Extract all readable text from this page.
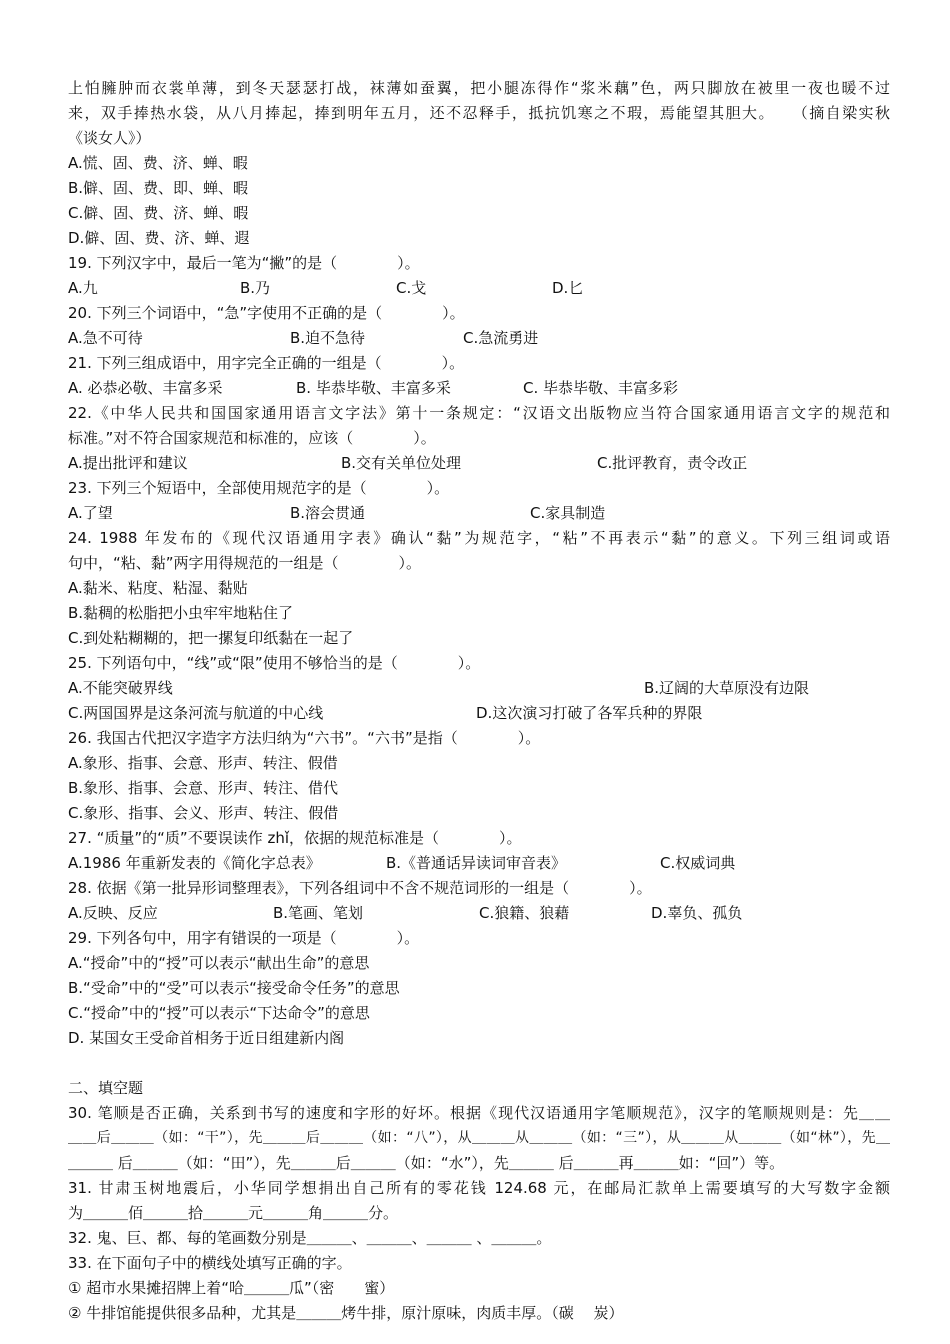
上怕臃肿而衣裳单薄，到冬天瑟瑟打战，袜薄如蚕翼，把小腿冻得作“浆米藕”色，两只脚放在被里一夜也暖不过
来，双手捧热水袋，从八月捧起，捧到明年五月，还不忍释手，抵抗饥寒之不瑕，焉能望其胆大。　　（摘自梁实秋
《谈女人》）
A.慌、固、费、济、蝉、暇
B.僻、固、费、即、蝉、暇
C.僻、固、费、济、蝉、暇
D.僻、固、费、济、蝉、遐
19. 下列汉字中，最后一笔为“撇”的是（　　　　）。
A.九	B.乃	C.戈	D.匕
20. 下列三个词语中，“急”字使用不正确的是（　　　　）。
A.急不可待	B.迫不急待	C.急流勇进
21. 下列三组成语中，用字完全正确的一组是（　　　　）。
A. 必恭必敬、丰富多采	B. 毕恭毕敬、丰富多采	C. 毕恭毕敬、丰富多彩
22.《中华人民共和国国家通用语言文字法》第十一条规定：“汉语文出版物应当符合国家通用语言文字的规范和
标准。”对不符合国家规范和标准的，应该（　　　　）。
A.提出批评和建议	B.交有关单位处理	C.批评教育，责令改正
23. 下列三个短语中，全部使用规范字的是（　　　　）。
A.了望	B.溶会贯通	C.家具制造
24. 1988 年发布的《现代汉语通用字表》确认“黏”为规范字，“粘”不再表示“黏”的意义。下列三组词或语
句中，“粘、黏”两字用得规范的一组是（　　　　）。
A.黏米、粘度、粘湿、黏贴
B.黏稠的松脂把小虫牢牢地粘住了
C.到处粘糊糊的，把一摞复印纸黏在一起了
25. 下列语句中，“线”或“限”使用不够恰当的是（　　　　）。
A.不能突破界线	B.辽阔的大草原没有边限
C.两国国界是这条河流与航道的中心线	D.这次演习打破了各军兵种的界限
26. 我国古代把汉字造字方法归纳为“六书”。“六书”是指（　　　　）。
A.象形、指事、会意、形声、转注、假借
B.象形、指事、会意、形声、转注、借代
C.象形、指事、会义、形声、转注、假借
27. “质量”的“质”不要误读作 zhǐ，依据的规范标准是（　　　　）。
A.1986 年重新发表的《简化字总表》	B.《普通话异读词审音表》	C.权威词典
28. 依据《第一批异形词整理表》，下列各组词中不含不规范词形的一组是（　　　　）。
A.反映、反应	B.笔画、笔划	C.狼籍、狼藉	D.辜负、孤负
29. 下列各句中，用字有错误的一项是（　　　　）。
A.“授命”中的“授”可以表示“献出生命”的意思
B.“受命”中的“受”可以表示“接受命令任务”的意思
C.“授命”中的“授”可以表示“下达命令”的意思
D. 某国女王受命首相务于近日组建新内阁
二、填空题
30. 笔顺是否正确，关系到书写的速度和字形的好坏。根据《现代汉语通用字笔顺规范》，汉字的笔顺规则是：先＿＿
＿＿后＿＿＿（如：“干”），先＿＿＿后＿＿＿（如：“八”），从＿＿＿从＿＿＿（如：“三”），从＿＿＿从＿＿＿（如“林”），先＿
＿＿＿ 后＿＿＿（如：“田”），先＿＿＿后＿＿＿（如：“水”），先＿＿＿ 后＿＿＿再＿＿＿如：“回”）等。
31. 甘肃玉树地震后，小华同学想捐出自己所有的零花钱 124.68 元，在邮局汇款单上需要填写的大写数字金额
为＿＿＿佰＿＿＿拾＿＿＿元＿＿＿角＿＿＿分。
32. 鬼、巨、都、每的笔画数分别是＿＿＿、＿＿＿、＿＿＿ 、＿＿＿。
33. 在下面句子中的横线处填写正确的字。
① 超市水果摊招牌上着“哈＿＿＿瓜”（密　　蜜）
② 牛排馆能提供很多品种，尤其是＿＿＿烤牛排，原汁原味，肉质丰厚。（碳　 炭）
